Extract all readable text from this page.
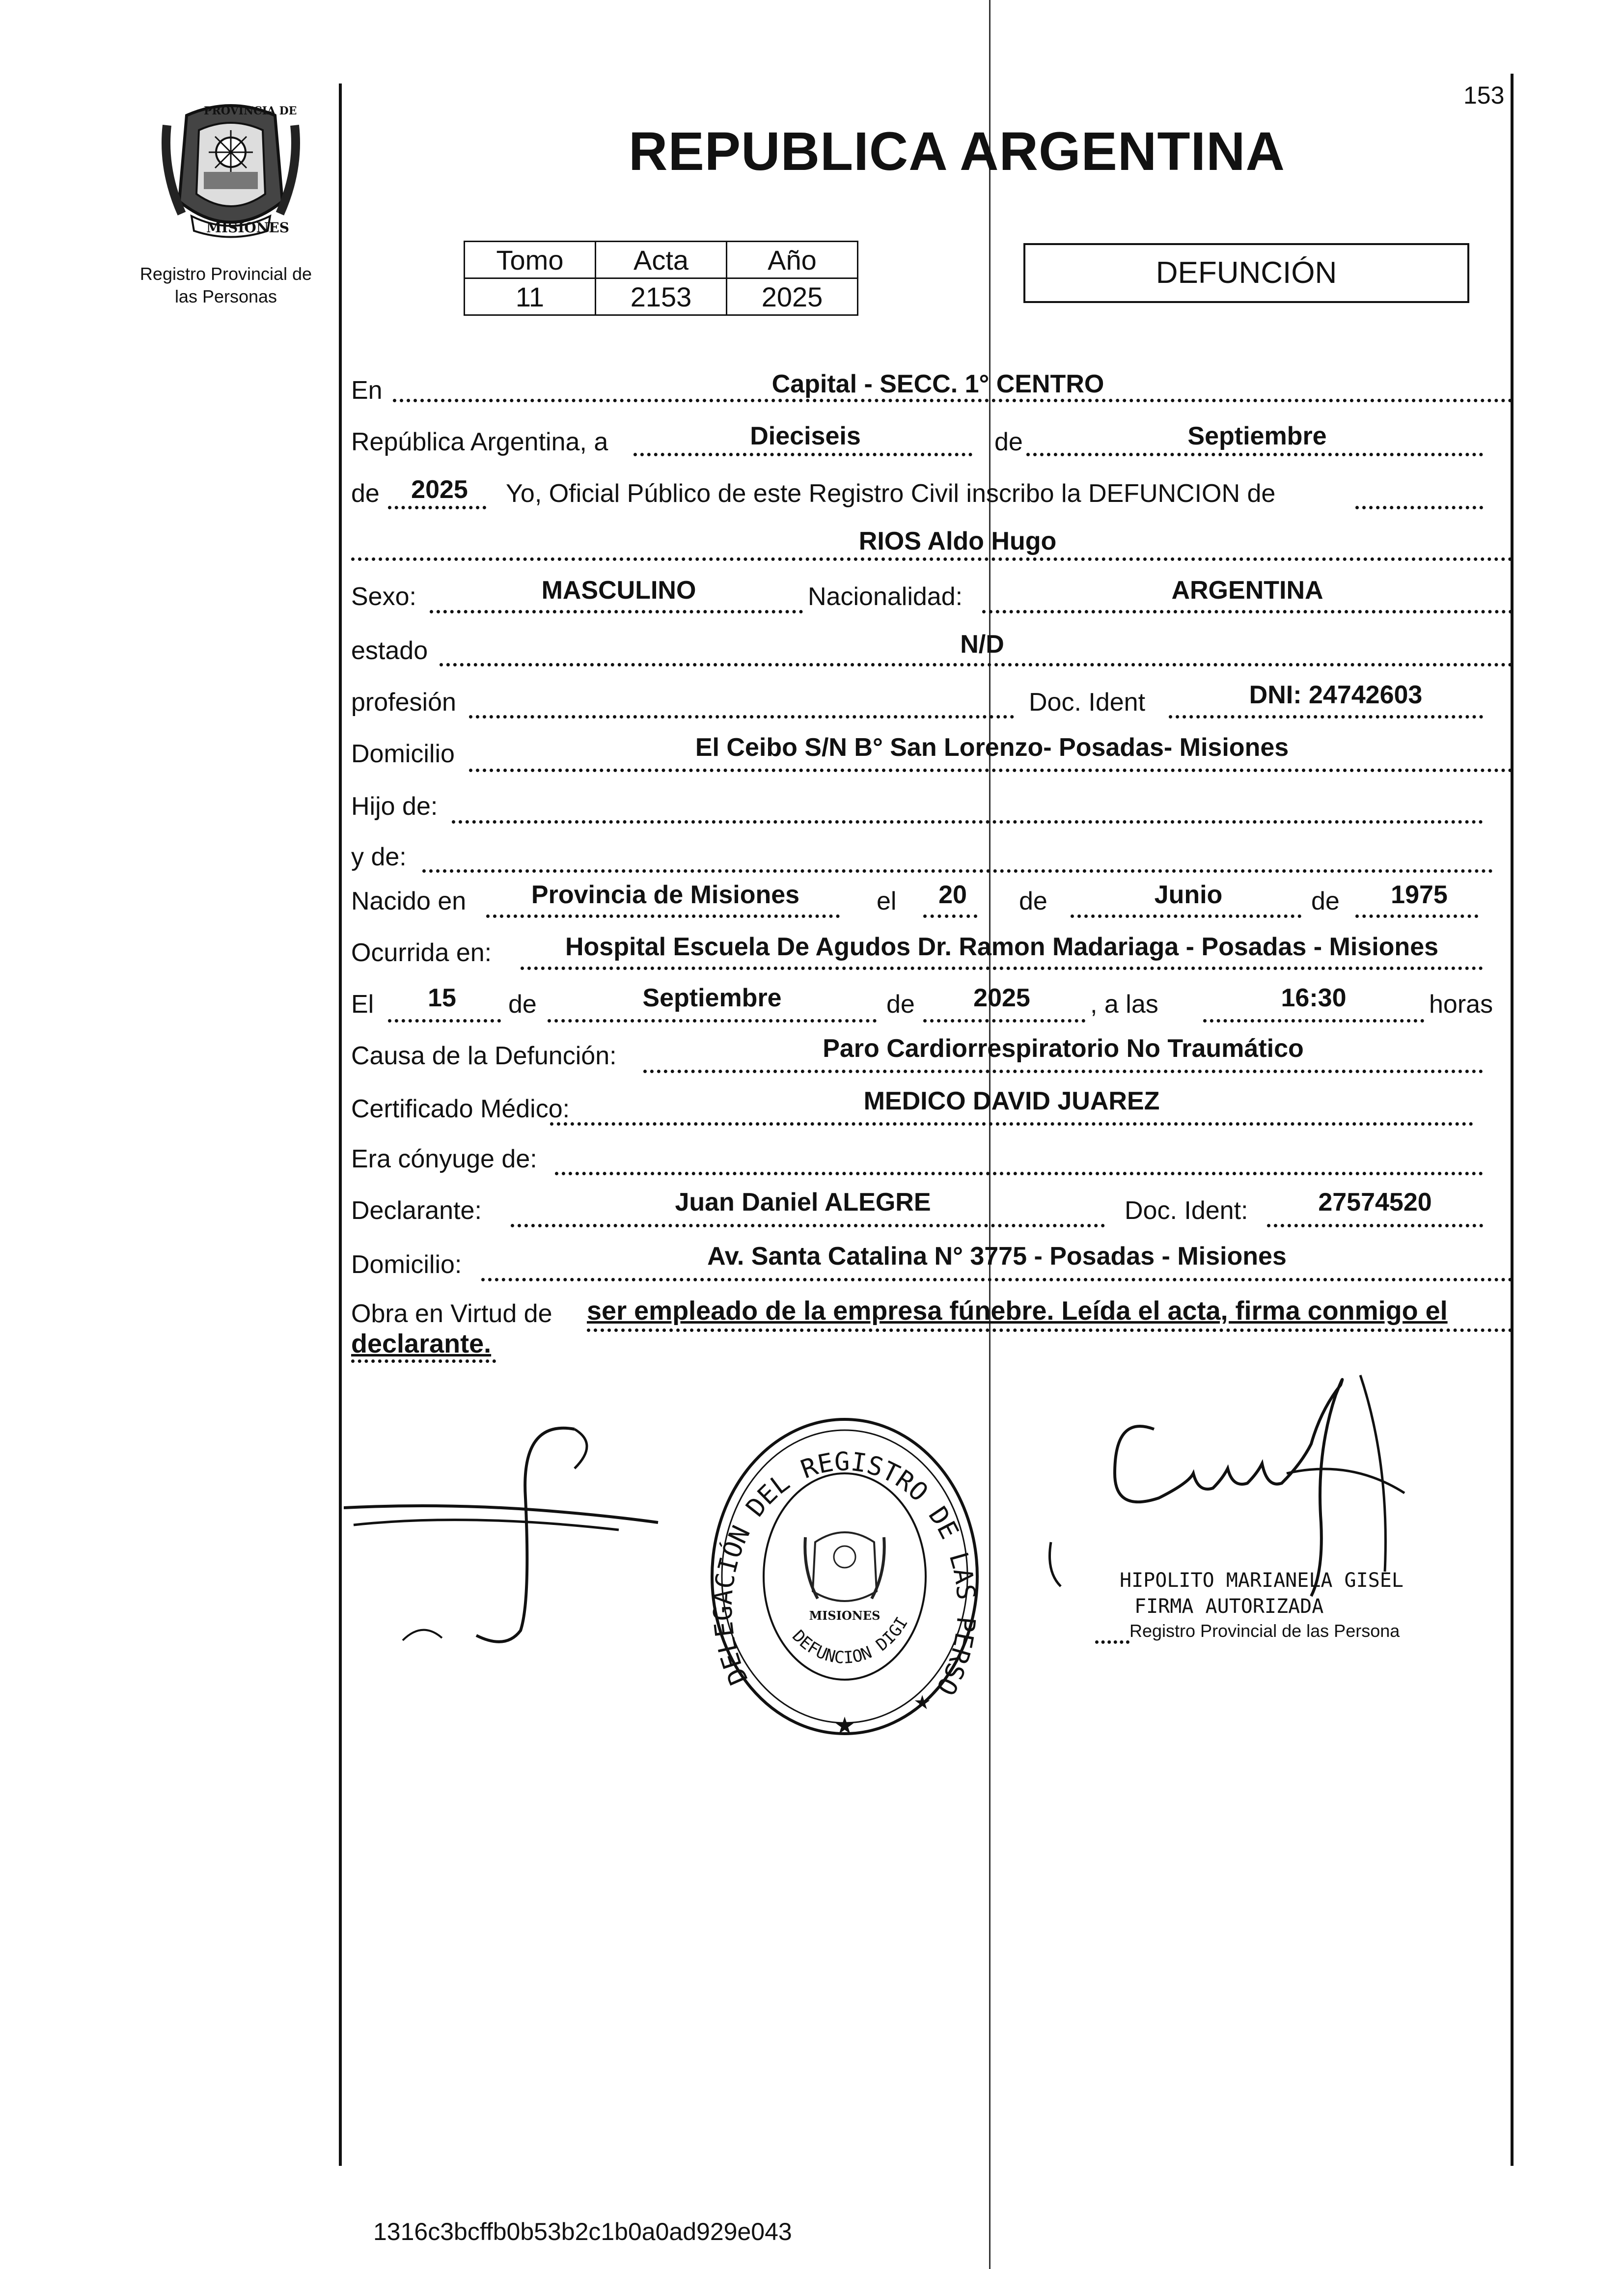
153
PROVINCIA DE
MISIONES
Registro Provincial de
las Personas
REPUBLICA ARGENTINA
Tomo	Acta	Año
11	2153	2025
DEFUNCIÓN
En	Capital - SECC. 1° CENTRO
República Argentina, a	Dieciseis	de	Septiembre
de	2025	Yo, Oficial Público de este Registro Civil inscribo la DEFUNCION de
RIOS Aldo Hugo
Sexo:	MASCULINO	Nacionalidad:	ARGENTINA
estado	N/D
profesión	Doc. Ident	DNI: 24742603
Domicilio	El Ceibo S/N B° San Lorenzo- Posadas- Misiones
Hijo de:
y de:
Nacido en	Provincia de Misiones	el	20	de	Junio	de	1975
Ocurrida en:	Hospital Escuela De Agudos Dr. Ramon Madariaga - Posadas - Misiones
El	15	de	Septiembre	de	2025	, a las	16:30	horas
Causa de la Defunción:	Paro Cardiorrespiratorio No Traumático
Certificado Médico:	MEDICO DAVID JUAREZ
Era cónyuge de:
Declarante:	Juan Daniel ALEGRE	Doc. Ident:	27574520
Domicilio:	Av. Santa Catalina N° 3775 - Posadas - Misiones
Obra en Virtud de ser empleado de la empresa fúnebre. Leída el acta, firma conmigo el
declarante.
DELEGACIÓN DEL REGISTRO DE LAS PERSO
DEFUNCION DIGI
★
★
MISIONES
HIPOLITO MARIANELA GISEL
FIRMA AUTORIZADA
Registro Provincial de las Persona
1316c3bcffb0b53b2c1b0a0ad929e043
